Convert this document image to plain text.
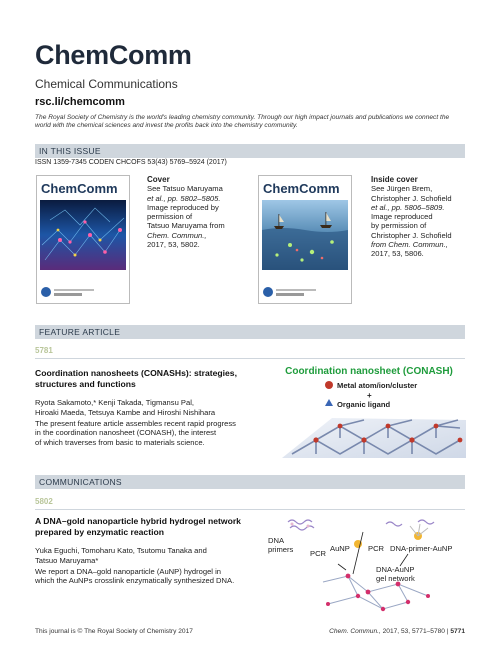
ChemComm
Chemical Communications
rsc.li/chemcomm
The Royal Society of Chemistry is the world's leading chemistry community. Through our high impact journals and publications we connect the world with the chemical sciences and invest the profits back into the chemistry community.
IN THIS ISSUE
ISSN 1359-7345 CODEN CHCOFS 53(43) 5769–5924 (2017)
ChemComm
Cover
See Tatsuo Maruyama
et al., pp. 5802–5805.
Image reproduced by
permission of
Tatsuo Maruyama from
Chem. Commun.,
2017, 53, 5802.
ChemComm
Inside cover
See Jürgen Brem,
Christopher J. Schofield
et al., pp. 5806–5809.
Image reproduced
by permission of
Christopher J. Schofield
from Chem. Commun.,
2017, 53, 5806.
FEATURE ARTICLE
5781
Coordination nanosheets (CONASHs): strategies,
structures and functions
Ryota Sakamoto,* Kenji Takada, Tigmansu Pal,
Hiroaki Maeda, Tetsuya Kambe and Hiroshi Nishihara
The present feature article assembles recent rapid progress
in the coordination nanosheet (CONASH), the interest
of which traverses from basic to materials science.
Coordination nanosheet (CONASH)
Metal atom/ion/cluster
+
Organic ligand
COMMUNICATIONS
5802
A DNA–gold nanoparticle hybrid hydrogel network
prepared by enzymatic reaction
Yuka Eguchi, Tomoharu Kato, Tsutomu Tanaka and
Tatsuo Maruyama*
We report a DNA–gold nanoparticle (AuNP) hydrogel in
which the AuNPs crosslink enzymatically synthesized DNA.
DNA
primers PCR
AuNP PCR DNA-primer-AuNP
DNA-AuNP
gel network
This journal is © The Royal Society of Chemistry 2017	Chem. Commun., 2017, 53, 5771–5780 | 5771
